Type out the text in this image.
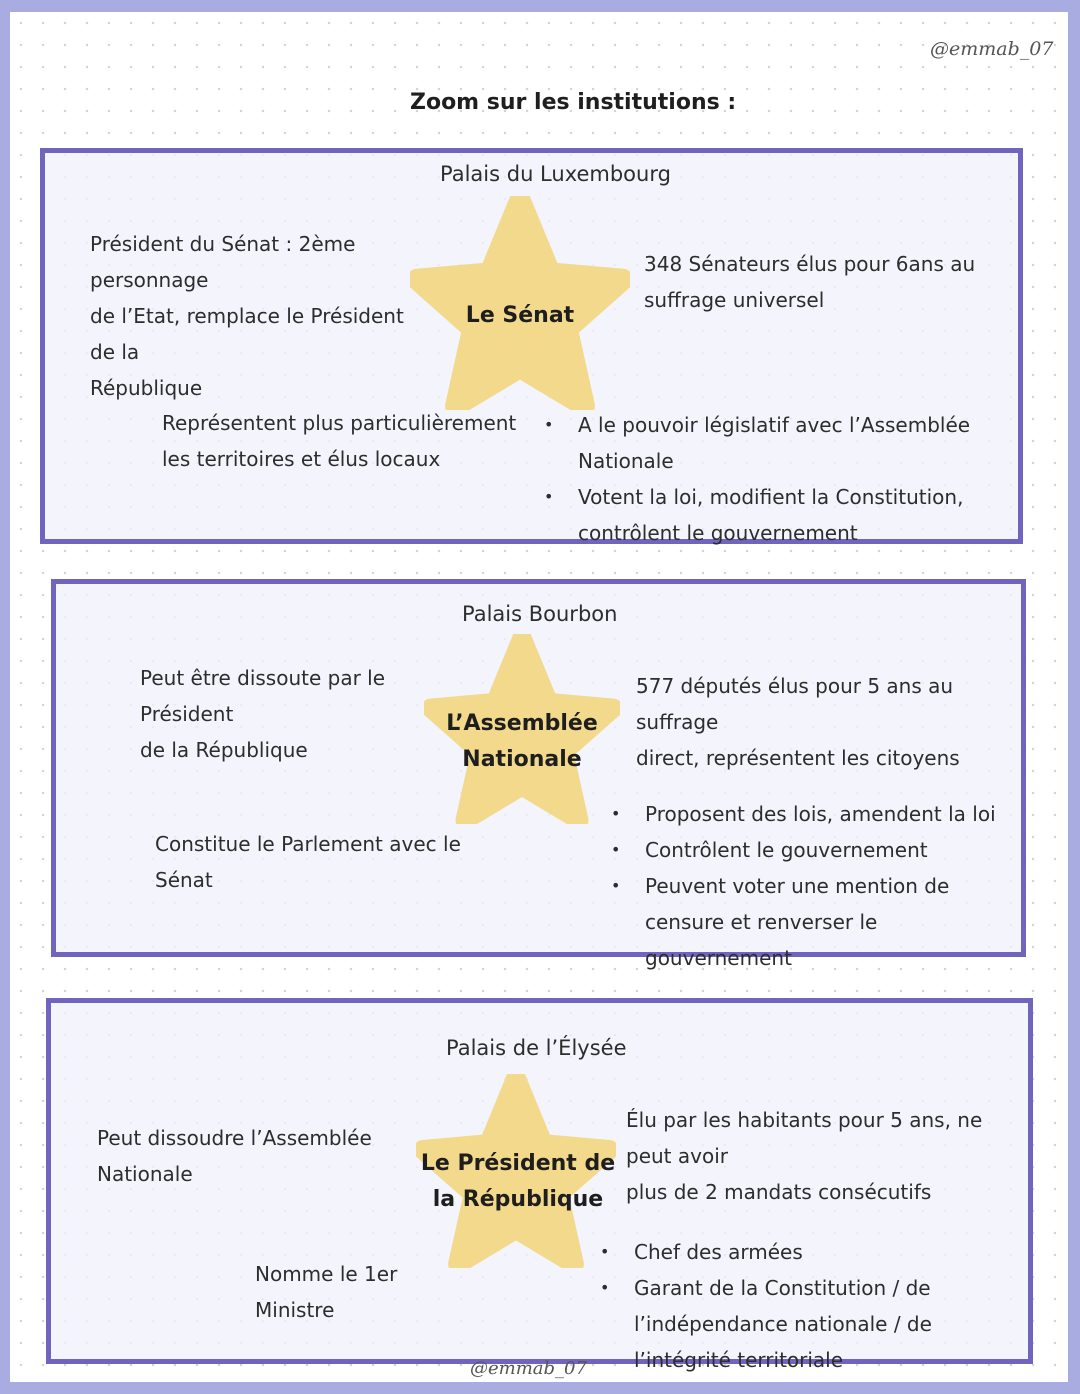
@emmab_07
Zoom sur les institutions :
Palais du Luxembourg
Le Sénat
Président du Sénat : 2ème personnage
de l’Etat, remplace le Président de la
République
348 Sénateurs élus pour 6ans au
suffrage universel
Représentent plus particulièrement
les territoires et élus locaux
• A le pouvoir législatif avec l’Assemblée Nationale
• Votent la loi, modifient la Constitution, contrôlent le gouvernement
Palais Bourbon
L’Assemblée
Nationale
Peut être dissoute par le Président
de la République
577 députés élus pour 5 ans au suffrage
direct, représentent les citoyens
Constitue le Parlement avec le Sénat
• Proposent des lois, amendent la loi
• Contrôlent le gouvernement
• Peuvent voter une mention de censure et renverser le gouvernement
Palais de l’Élysée
Le Président de
la République
Peut dissoudre l’Assemblée Nationale
Élu par les habitants pour 5 ans, ne peut avoir
plus de 2 mandats consécutifs
Nomme le 1er Ministre
• Chef des armées
• Garant de la Constitution / de l’indépendance nationale / de l’intégrité territoriale
@emmab_07
